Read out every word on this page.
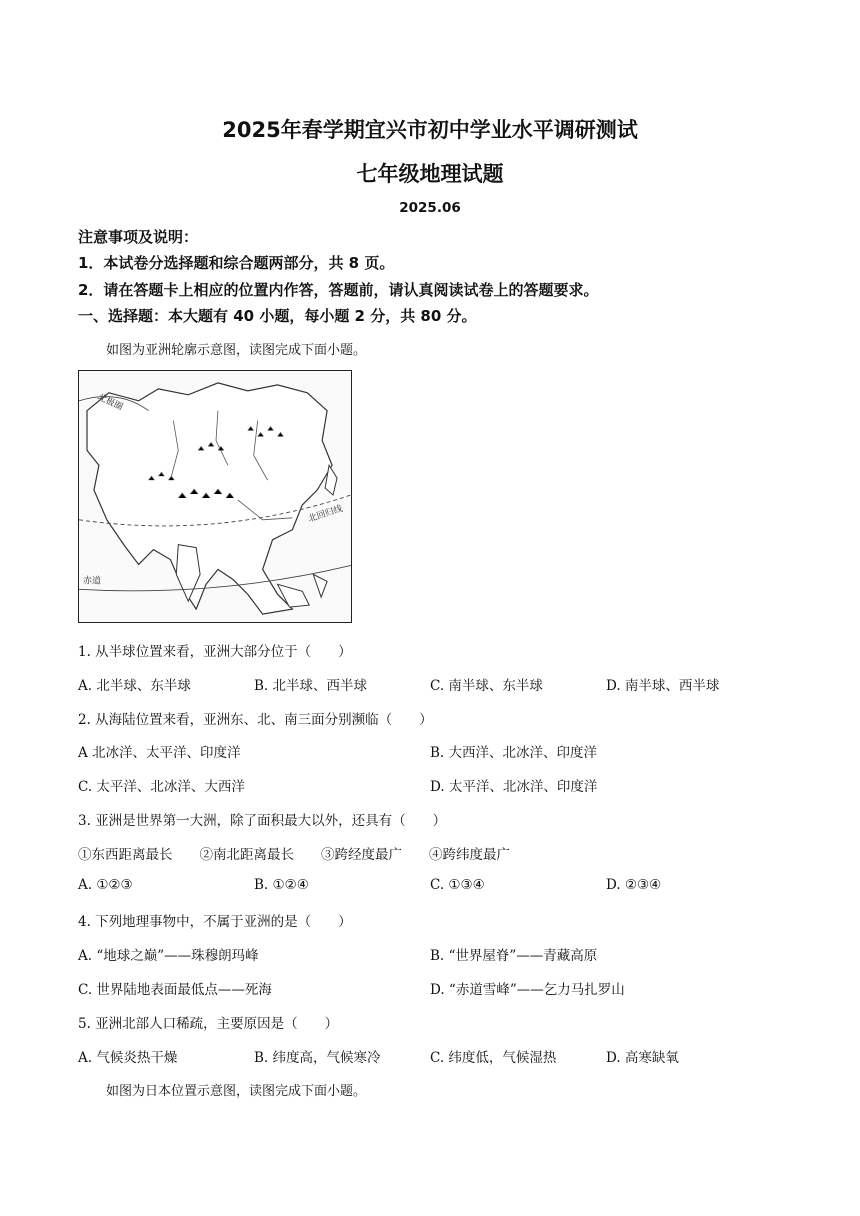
2025年春学期宜兴市初中学业水平调研测试
七年级地理试题
2025.06
注意事项及说明：
1．本试卷分选择题和综合题两部分，共 8 页。
2．请在答题卡上相应的位置内作答，答题前，请认真阅读试卷上的答题要求。
一、选择题：本大题有 40 小题，每小题 2 分，共 80 分。
如图为亚洲轮廓示意图，读图完成下面小题。
北极圈
北回归线
赤道
1. 从半球位置来看，亚洲大部分位于（　　）
A. 北半球、东半球	B. 北半球、西半球	C. 南半球、东半球	D. 南半球、西半球
2. 从海陆位置来看，亚洲东、北、南三面分别濒临（　　）
A 北冰洋、太平洋、印度洋	B. 大西洋、北冰洋、印度洋
C. 太平洋、北冰洋、大西洋	D. 太平洋、北冰洋、印度洋
3. 亚洲是世界第一大洲，除了面积最大以外，还具有（　　）
①东西距离最长　　②南北距离最长　　③跨经度最广　　④跨纬度最广
A. ①②③	B. ①②④	C. ①③④	D. ②③④
4. 下列地理事物中，不属于亚洲的是（　　）
A. “地球之巅”——珠穆朗玛峰	B. “世界屋脊”——青藏高原
C. 世界陆地表面最低点——死海	D. “赤道雪峰”——乞力马扎罗山
5. 亚洲北部人口稀疏，主要原因是（　　）
A. 气候炎热干燥	B. 纬度高，气候寒冷	C. 纬度低，气候湿热	D. 高寒缺氧
如图为日本位置示意图，读图完成下面小题。
